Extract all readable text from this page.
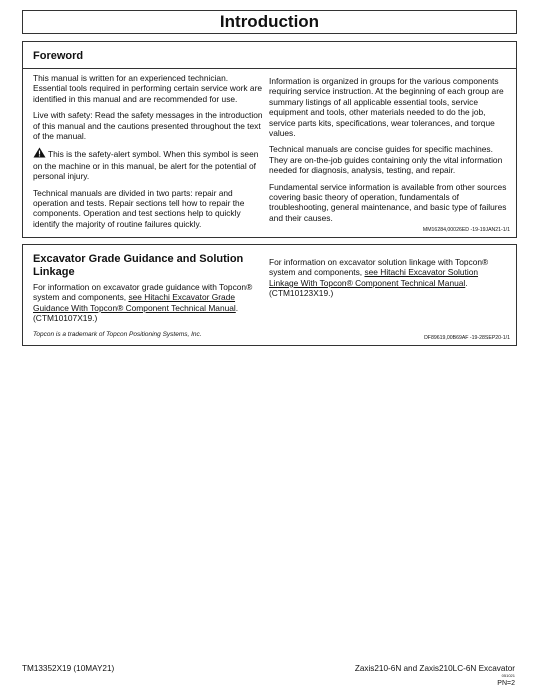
Introduction
Foreword

This manual is written for an experienced technician. Essential tools required in performing certain service work are identified in this manual and are recommended for use.

Live with safety: Read the safety messages in the introduction of this manual and the cautions presented throughout the text of the manual.

This is the safety-alert symbol. When this symbol is seen on the machine or in this manual, be alert for the potential of personal injury.

Technical manuals are divided in two parts: repair and operation and tests. Repair sections tell how to repair the components. Operation and test sections help to quickly identify the majority of routine failures quickly.

Information is organized in groups for the various components requiring service instruction. At the beginning of each group are summary listings of all applicable essential tools, service equipment and tools, other materials needed to do the job, service parts kits, specifications, wear tolerances, and torque values.

Technical manuals are concise guides for specific machines. They are on-the-job guides containing only the vital information needed for diagnosis, analysis, testing, and repair.

Fundamental service information is available from other sources covering basic theory of operation, fundamentals of troubleshooting, general maintenance, and basic type of failures and their causes.

MM16284,00026ED -19-19JAN21-1/1
Excavator Grade Guidance and Solution Linkage

For information on excavator grade guidance with Topcon® system and components, see Hitachi Excavator Grade Guidance With Topcon® Component Technical Manual. (CTM10107X19.)

Topcon is a trademark of Topcon Positioning Systems, Inc.

For information on excavator solution linkage with Topcon® system and components, see Hitachi Excavator Solution Linkage With Topcon® Component Technical Manual. (CTM10123X19.)

DF89619,00B69AF -19-28SEP20-1/1
TM13352X19 (10MAY21)	Zaxis210-6N and Zaxis210LC-6N Excavator
051021
PN=2
